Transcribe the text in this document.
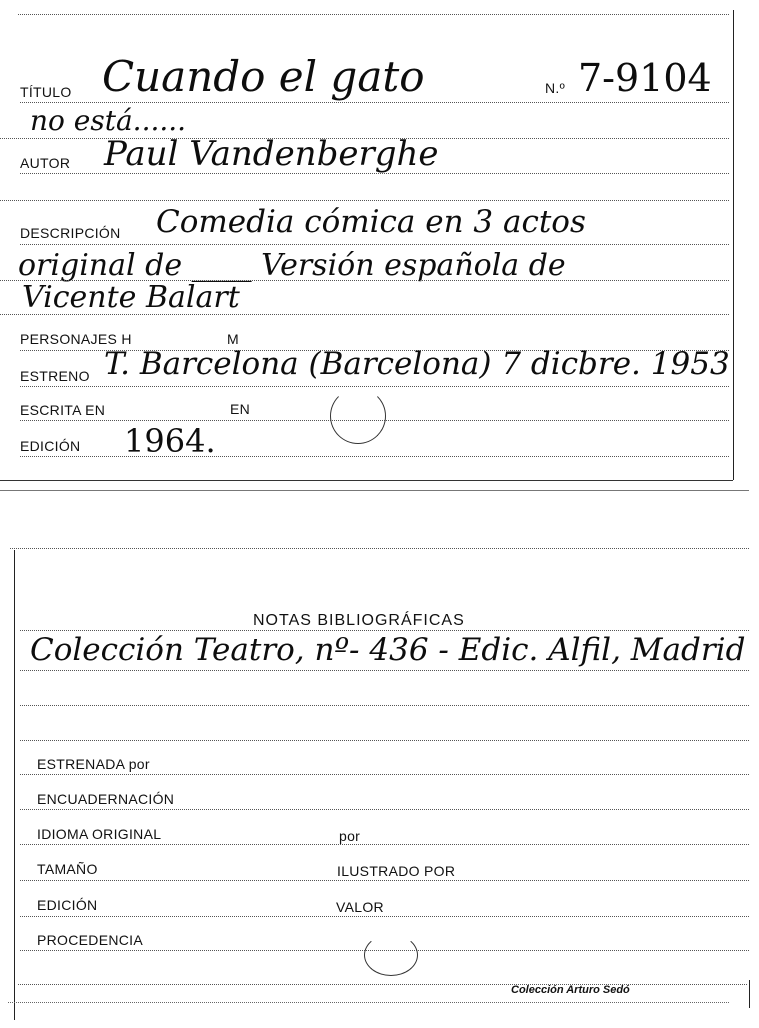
TÍTULO Cuando el gato	N.º 7-9104
no está......
AUTOR Paul Vandenberghe
DESCRIPCIÓN Comedia cómica en 3 actos
original de ____ Versión española de
Vicente Balart
PERSONAJES H	M
ESTRENO T. Barcelona (Barcelona) 7 dicbre. 1953
ESCRITA EN	EN
EDICIÓN 1964.
NOTAS BIBLIOGRÁFICAS
Colección Teatro, nº- 436 - Edic. Alfil, Madrid
ESTRENADA por
ENCUADERNACIÓN
IDIOMA ORIGINAL	por
TAMAÑO	ILUSTRADO POR
EDICIÓN	VALOR
PROCEDENCIA
Colección Arturo Sedó
